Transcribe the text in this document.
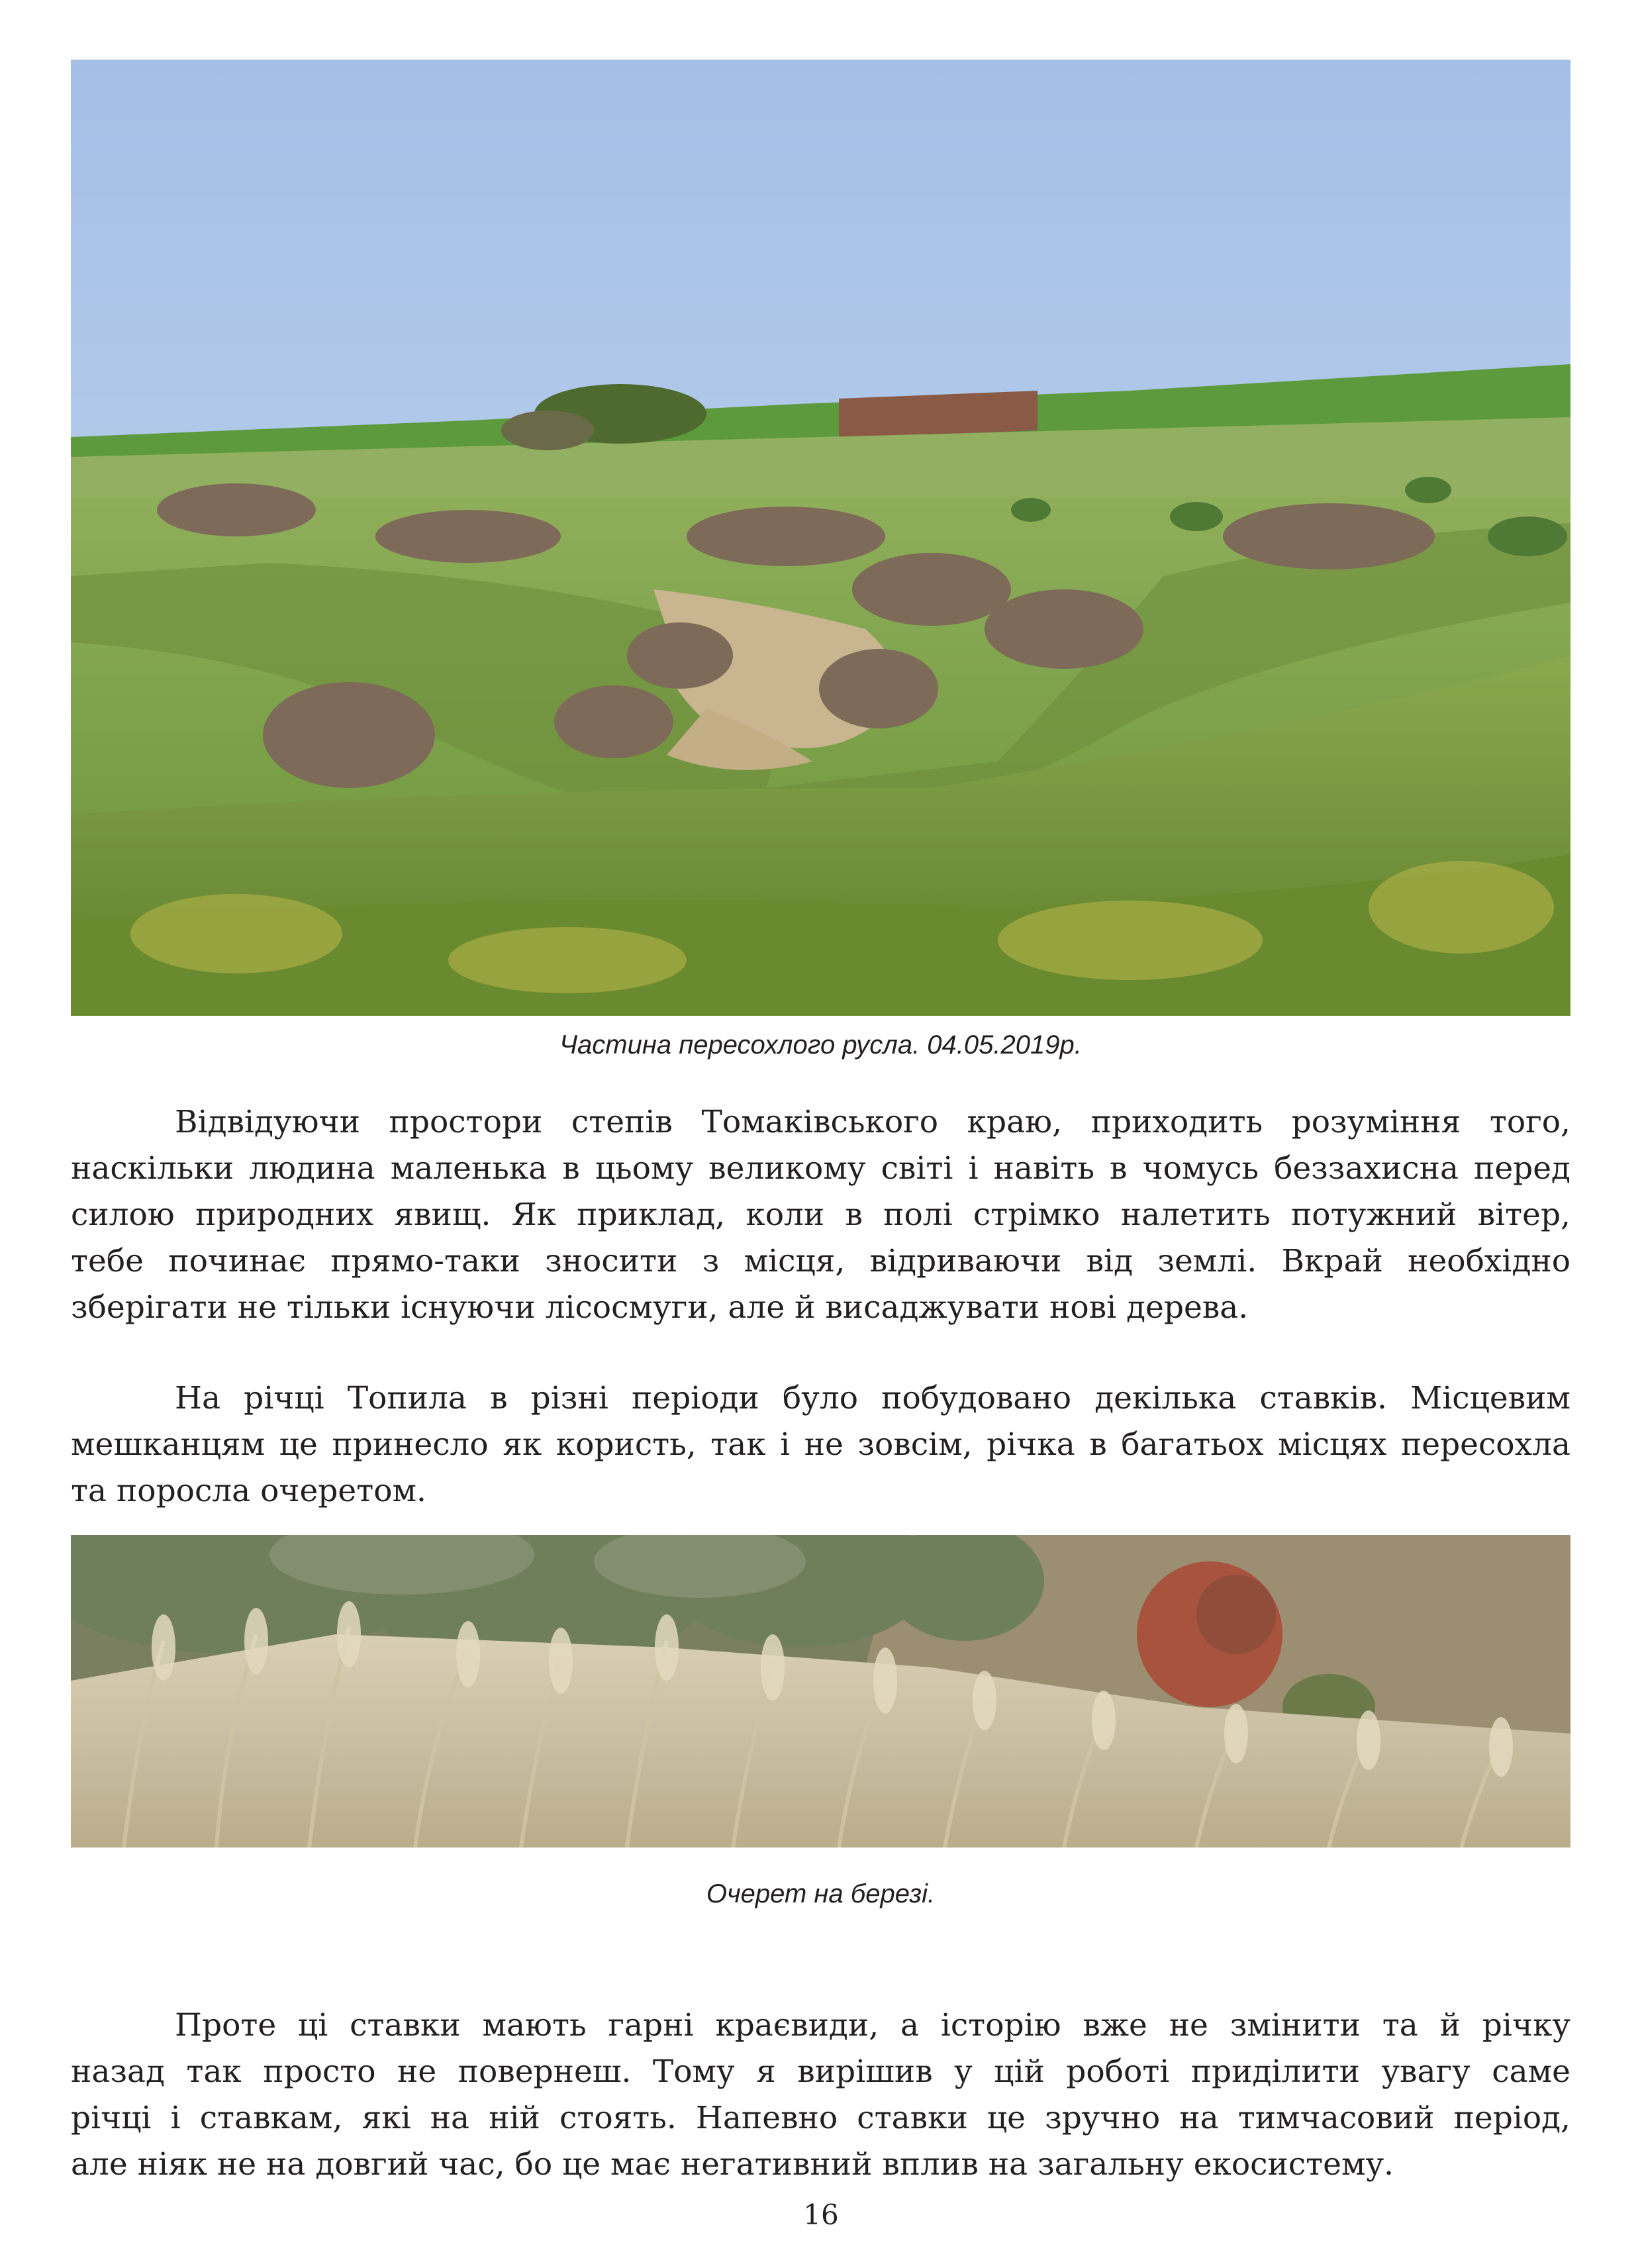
Частина пересохлого русла. 04.05.2019р.

Відвідуючи простори степів Томаківського краю, приходить розуміння того,
наскільки людина маленька в цьому великому світі і навіть в чомусь беззахисна перед
силою природних явищ. Як приклад, коли в полі стрімко налетить потужний вітер,
тебе починає прямо-таки зносити з місця, відриваючи від землі. Вкрай необхідно
зберігати не тільки існуючи лісосмуги, але й висаджувати нові дерева.

На річці Топила в різні періоди було побудовано декілька ставків. Місцевим
мешканцям це принесло як користь, так і не зовсім, річка в багатьох місцях пересохла
та поросла очеретом.

Очерет на березі.

Проте ці ставки мають гарні краєвиди, а історію вже не змінити та й річку
назад так просто не повернеш. Тому я вирішив у цій роботі приділити увагу саме
річці і ставкам, які на ній стоять. Напевно ставки це зручно на тимчасовий період,
але ніяк не на довгий час, бо це має негативний вплив на загальну екосистему.

16
